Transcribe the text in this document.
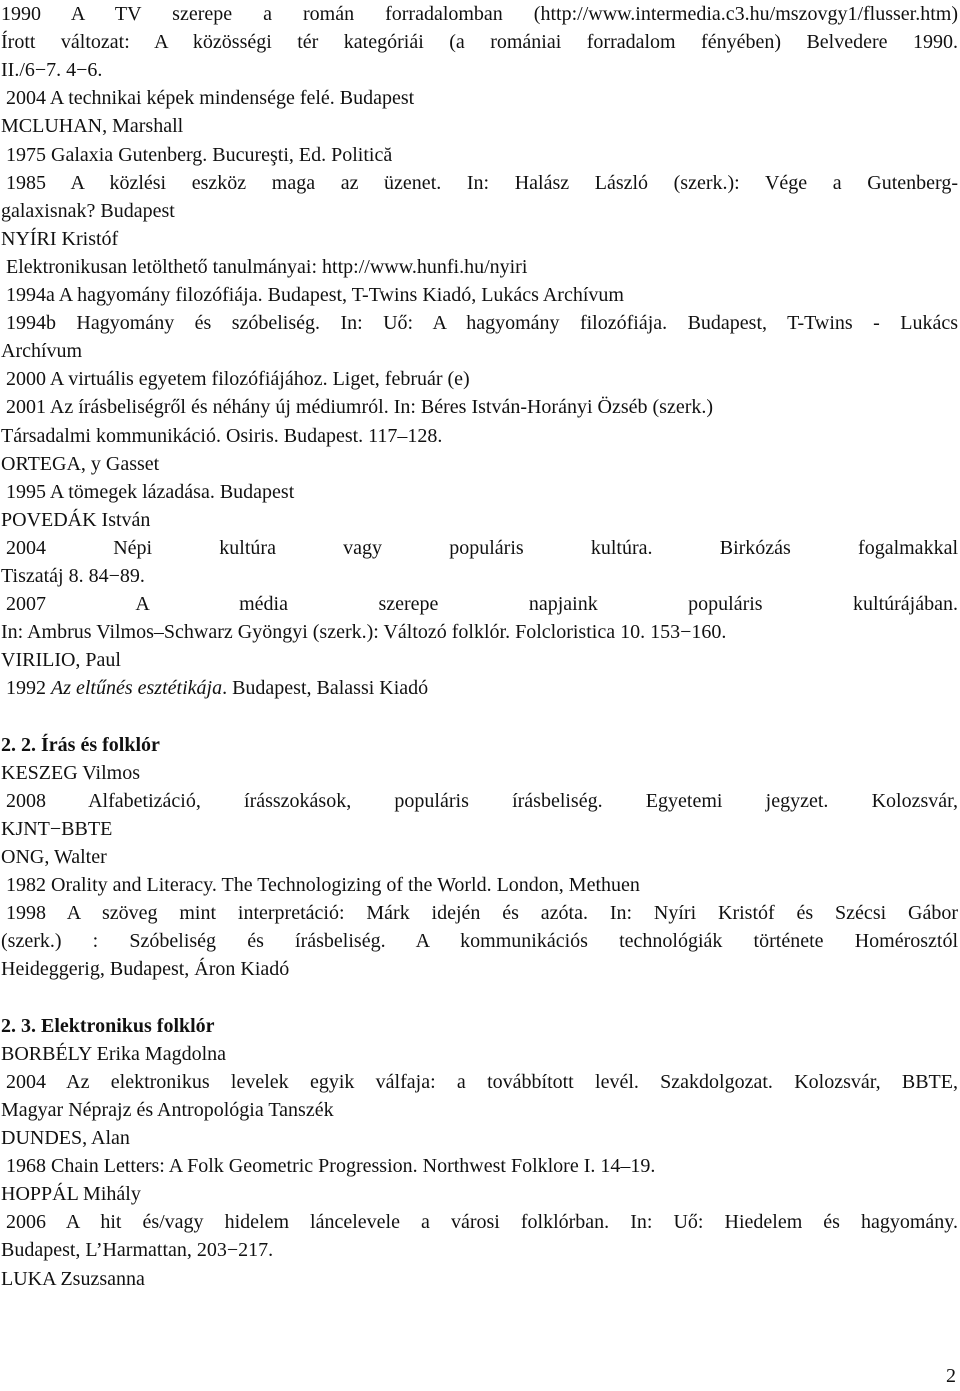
1990 A TV szerepe a román forradalomban (http://www.intermedia.c3.hu/mszovgy1/flusser.htm)
Írott változat: A közösségi tér kategóriái (a romániai forradalom fényében) Belvedere 1990.
II./6−7. 4−6.
2004 A technikai képek mindensége felé. Budapest
MCLUHAN, Marshall
1975 Galaxia Gutenberg. Bucureşti, Ed. Politică
1985 A közlési eszköz maga az üzenet. In: Halász László (szerk.): Vége a Gutenberg-
galaxisnak? Budapest
NYÍRI Kristóf
Elektronikusan letölthető tanulmányai: http://www.hunfi.hu/nyiri
1994a A hagyomány filozófiája. Budapest, T-Twins Kiadó, Lukács Archívum
1994b Hagyomány és szóbeliség. In: Uő: A hagyomány filozófiája. Budapest, T-Twins - Lukács
Archívum
2000 A virtuális egyetem filozófiájához. Liget, február (e)
2001 Az írásbeliségről és néhány új médiumról. In: Béres István-Horányi Özséb (szerk.)
Társadalmi kommunikáció. Osiris. Budapest. 117–128.
ORTEGA, y Gasset
1995 A tömegek lázadása. Budapest
POVEDÁK István
2004 Népi kultúra vagy populáris kultúra. Birkózás fogalmakkal
Tiszatáj 8. 84−89.
2007 A média szerepe napjaink populáris kultúrájában.
In: Ambrus Vilmos–Schwarz Gyöngyi (szerk.): Változó folklór. Folcloristica 10. 153−160.
VIRILIO, Paul
1992 Az eltűnés esztétikája. Budapest, Balassi Kiadó
2. 2. Írás és folklór
KESZEG Vilmos
2008 Alfabetizáció, írásszokások, populáris írásbeliség. Egyetemi jegyzet. Kolozsvár,
KJNT−BBTE
ONG, Walter
1982 Orality and Literacy. The Technologizing of the World. London, Methuen
1998 A szöveg mint interpretáció: Márk idején és azóta. In: Nyíri Kristóf és Szécsi Gábor
(szerk.) : Szóbeliség és írásbeliség. A kommunikációs technológiák története Homérosztól
Heideggerig, Budapest, Áron Kiadó
2. 3. Elektronikus folklór
BORBÉLY Erika Magdolna
2004 Az elektronikus levelek egyik válfaja: a továbbított levél. Szakdolgozat. Kolozsvár, BBTE,
Magyar Néprajz és Antropológia Tanszék
DUNDES, Alan
1968 Chain Letters: A Folk Geometric Progression. Northwest Folklore I. 14–19.
HOPPÁL Mihály
2006 A hit és/vagy hidelem láncelevele a városi folklórban. In: Uő: Hiedelem és hagyomány.
Budapest, L’Harmattan, 203−217.
LUKA Zsuzsanna
2
